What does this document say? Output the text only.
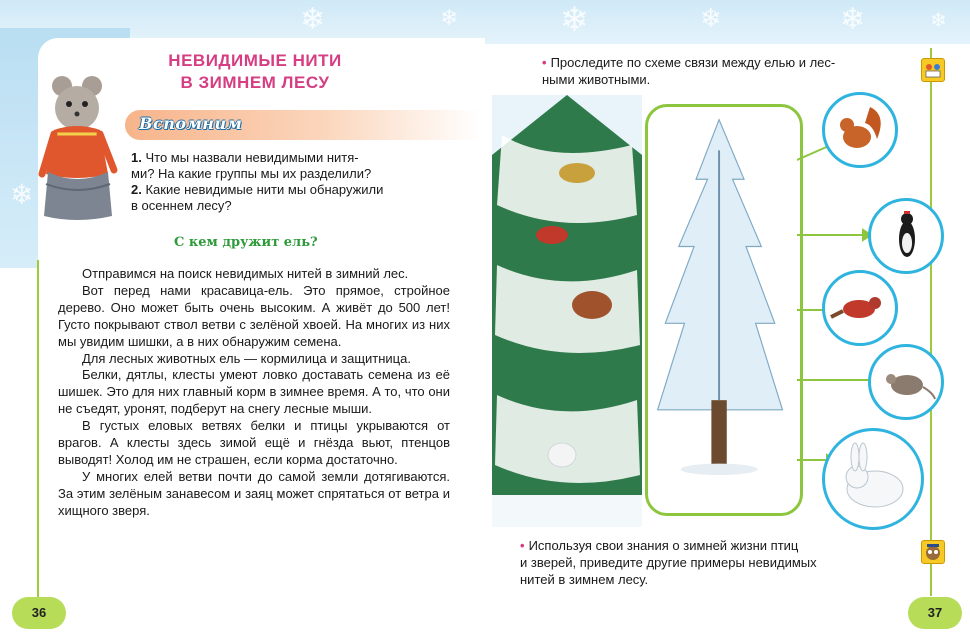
❄	❄	❄	❄	❄	❄
❄
НЕВИДИМЫЕ НИТИ
В ЗИМНЕМ ЛЕСУ
Вспомним
1. Что мы назвали невидимыми нитя-
ми? На какие группы мы их разделили?
2. Какие невидимые нити мы обнаружили
в осеннем лесу?
С кем дружит ель?

Отправимся на поиск невидимых нитей в зимний лес.

Вот перед нами красавица-ель. Это прямое, стройное дерево. Оно может быть очень высоким. А живёт до 500 лет! Густо покрывают ствол ветви с зелёной хвоей. На многих из них мы увидим шишки, а в них обнаружим семена.

Для лесных животных ель — кормилица и защитница.

Белки, дятлы, клесты умеют ловко доставать семена из её шишек. Это для них главный корм в зимнее время. А то, что они не съедят, уронят, подберут на снегу лесные мыши.

В густых еловых ветвях белки и птицы укрываются от врагов. А клесты здесь зимой ещё и гнёзда вьют, птенцов выводят! Холод им не страшен, если корма достаточно.

У многих елей ветви почти до самой земли дотягиваются. За этим зелёным занавесом и заяц может спрятаться от ветра и хищного зверя.

36
• Проследите по схеме связи между елью и лес-
ными животными.
• Используя свои знания о зимней жизни птиц
и зверей, приведите другие примеры невидимых
нитей в зимнем лесу.
37
